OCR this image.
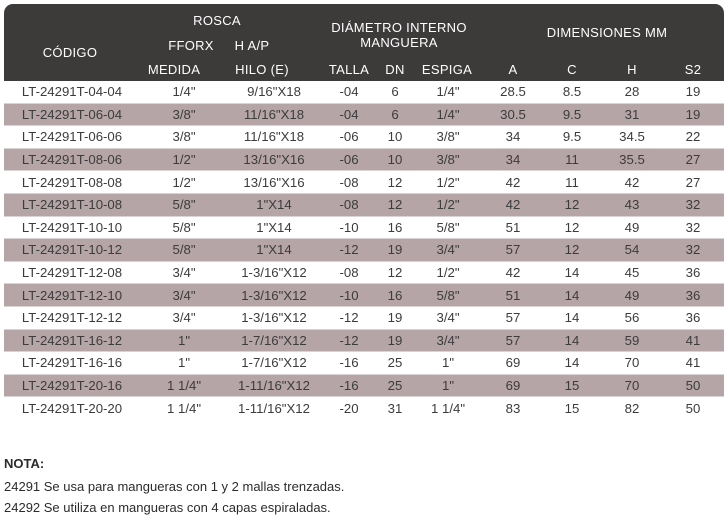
CÓDIGO
ROSCA
FFORX H A/P
MEDIDA	HILO (E)
DIÁMETRO INTERNO
MANGUERA
TALLA DN ESPIGA
DIMENSIONES MM
A	C	H	S2
LT-24291T-04-04	1/4"	9/16"X18	-04	6	1/4"	28.5	8.5	28	19
LT-24291T-06-04	3/8"	11/16"X18	-04	6	1/4"	30.5	9.5	31	19
LT-24291T-06-06	3/8"	11/16"X18	-06	10	3/8"	34	9.5	34.5	22
LT-24291T-08-06	1/2"	13/16"X16	-06	10	3/8"	34	11	35.5	27
LT-24291T-08-08	1/2"	13/16"X16	-08	12	1/2"	42	11	42	27
LT-24291T-10-08	5/8"	1"X14	-08	12	1/2"	42	12	43	32
LT-24291T-10-10	5/8"	1"X14	-10	16	5/8"	51	12	49	32
LT-24291T-10-12	5/8"	1"X14	-12	19	3/4"	57	12	54	32
LT-24291T-12-08	3/4"	1-3/16"X12	-08	12	1/2"	42	14	45	36
LT-24291T-12-10	3/4"	1-3/16"X12	-10	16	5/8"	51	14	49	36
LT-24291T-12-12	3/4"	1-3/16"X12	-12	19	3/4"	57	14	56	36
LT-24291T-16-12	1"	1-7/16"X12	-12	19	3/4"	57	14	59	41
LT-24291T-16-16	1"	1-7/16"X12	-16	25	1"	69	14	70	41
LT-24291T-20-16	1 1/4"	1-11/16"X12	-16	25	1"	69	15	70	50
LT-24291T-20-20	1 1/4"	1-11/16"X12	-20	31	1 1/4"	83	15	82	50
NOTA:
24291 Se usa para mangueras con 1 y 2 mallas trenzadas.
24292 Se utiliza en mangueras con 4 capas espiraladas.
